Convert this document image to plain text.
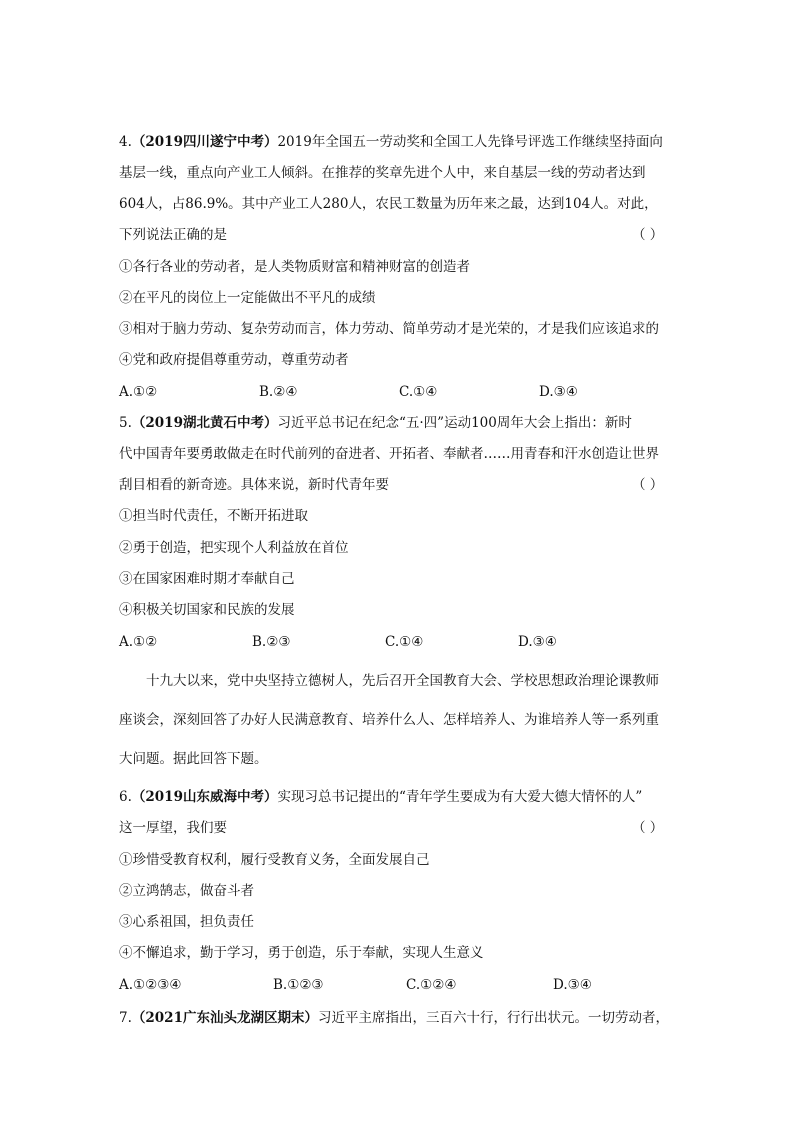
4.（2019四川遂宁中考）2019年全国五一劳动奖和全国工人先锋号评选工作继续坚持面向
基层一线，重点向产业工人倾斜。在推荐的奖章先进个人中，来自基层一线的劳动者达到
604人，占86.9%。其中产业工人280人，农民工数量为历年来之最，达到104人。对此，
下列说法正确的是	（ ）
①各行各业的劳动者，是人类物质财富和精神财富的创造者
②在平凡的岗位上一定能做出不平凡的成绩
③相对于脑力劳动、复杂劳动而言，体力劳动、简单劳动才是光荣的，才是我们应该追求的
④党和政府提倡尊重劳动，尊重劳动者
A.①②	B.②④	C.①④	D.③④
5.（2019湖北黄石中考）习近平总书记在纪念“五·四”运动100周年大会上指出：新时
代中国青年要勇敢做走在时代前列的奋进者、开拓者、奉献者……用青春和汗水创造让世界
刮目相看的新奇迹。具体来说，新时代青年要	（ ）
①担当时代责任，不断开拓进取
②勇于创造，把实现个人利益放在首位
③在国家困难时期才奉献自己
④积极关切国家和民族的发展
A.①②	B.②③	C.①④	D.③④
十九大以来，党中央坚持立德树人，先后召开全国教育大会、学校思想政治理论课教师
座谈会，深刻回答了办好人民满意教育、培养什么人、怎样培养人、为谁培养人等一系列重
大问题。据此回答下题。
6.（2019山东威海中考）实现习总书记提出的“青年学生要成为有大爱大德大情怀的人”
这一厚望，我们要	（ ）
①珍惜受教育权利，履行受教育义务，全面发展自己
②立鸿鹄志，做奋斗者
③心系祖国，担负责任
④不懈追求，勤于学习，勇于创造，乐于奉献，实现人生意义
A.①②③④	B.①②③	C.①②④	D.③④
7.（2021广东汕头龙湖区期末）习近平主席指出，三百六十行，行行出状元。一切劳动者，
